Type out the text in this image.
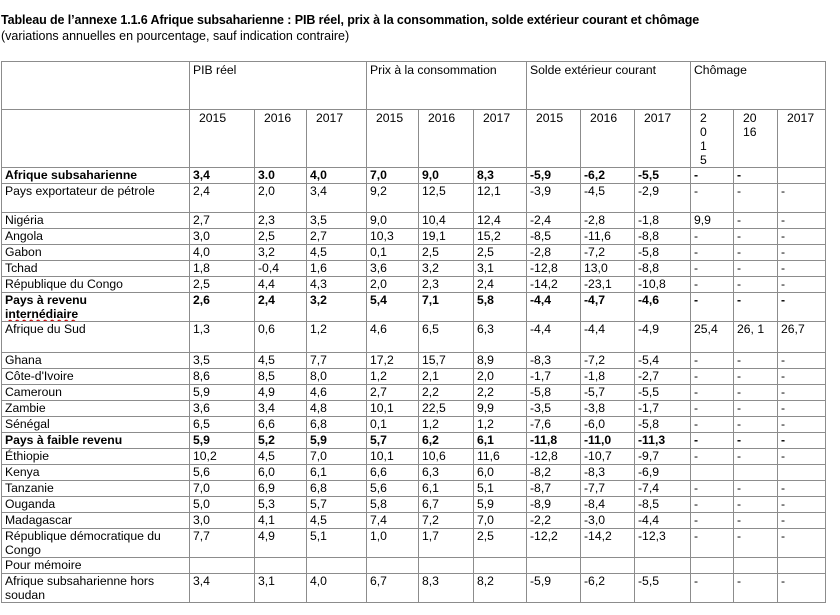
Tableau de l’annexe 1.1.6 Afrique subsaharienne : PIB réel, prix à la consommation, solde extérieur courant et chômage
(variations annuelles en pourcentage, sauf indication contraire)
	PIB réel			Prix à la consommation			Solde extérieur courant			Chômage		
	2015	2016	2017	2015	2016	2017	2015	2016	2017	2015	2016	2017
Afrique subsaharienne	3,4	3.0	4,0	7,0	9,0	8,3	-5,9	-6,2	-5,5	-	-	
Pays exportateur de pétrole	2,4	2,0	3,4	9,2	12,5	12,1	-3,9	-4,5	-2,9	-	-	-
Nigéria	2,7	2,3	3,5	9,0	10,4	12,4	-2,4	-2,8	-1,8	9,9	-	-
Angola	3,0	2,5	2,7	10,3	19,1	15,2	-8,5	-11,6	-8,8	-	-	-
Gabon	4,0	3,2	4,5	0,1	2,5	2,5	-2,8	-7,2	-5,8	-	-	-
Tchad	1,8	-0,4	1,6	3,6	3,2	3,1	-12,8	13,0	-8,8	-	-	-
République du Congo	2,5	4,4	4,3	2,0	2,3	2,4	-14,2	-23,1	-10,8	-	-	-
Pays à revenu
internédiaire	2,6	2,4	3,2	5,4	7,1	5,8	-4,4	-4,7	-4,6	-	-	-
Afrique du Sud	1,3	0,6	1,2	4,6	6,5	6,3	-4,4	-4,4	-4,9	25,4	26, 1	26,7
Ghana	3,5	4,5	7,7	17,2	15,7	8,9	-8,3	-7,2	-5,4	-	-	-
Côte-d'Ivoire	8,6	8,5	8,0	1,2	2,1	2,0	-1,7	-1,8	-2,7	-	-	-
Cameroun	5,9	4,9	4,6	2,7	2,2	2,2	-5,8	-5,7	-5,5	-	-	-
Zambie	3,6	3,4	4,8	10,1	22,5	9,9	-3,5	-3,8	-1,7	-	-	-
Sénégal	6,5	6,6	6,8	0,1	1,2	1,2	-7,6	-6,0	-5,8	-	-	-
Pays à faible revenu	5,9	5,2	5,9	5,7	6,2	6,1	-11,8	-11,0	-11,3	-	-	-
Éthiopie	10,2	4,5	7,0	10,1	10,6	11,6	-12,8	-10,7	-9,7	-	-	-
Kenya	5,6	6,0	6,1	6,6	6,3	6,0	-8,2	-8,3	-6,9			
Tanzanie	7,0	6,9	6,8	5,6	6,1	5,1	-8,7	-7,7	-7,4	-	-	-
Ouganda	5,0	5,3	5,7	5,8	6,7	5,9	-8,9	-8,4	-8,5	-	-	-
Madagascar	3,0	4,1	4,5	7,4	7,2	7,0	-2,2	-3,0	-4,4	-	-	-
République démocratique du Congo	7,7	4,9	5,1	1,0	1,7	2,5	-12,2	-14,2	-12,3	-	-	-
Pour mémoire												
Afrique subsaharienne hors soudan	3,4	3,1	4,0	6,7	8,3	8,2	-5,9	-6,2	-5,5	-	-	-
